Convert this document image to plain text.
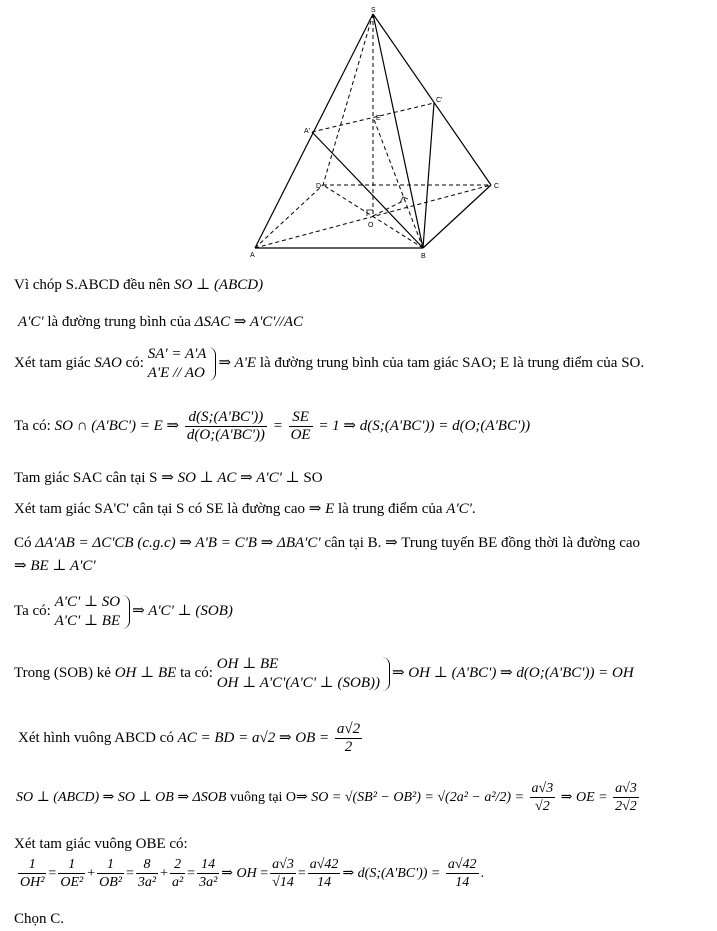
S
A	B
C
D
O
A'
C'
E
Vì chóp S.ABCD đều nên SO ⊥ (ABCD)
A'C' là đường trung bình của ΔSAC ⇒ A'C'//AC
Xét tam giác SAO có:
SA' = A'A
A'E // AO
⇒ A'E là đường trung bình của tam giác SAO; E là trung điểm của SO.
Ta có: SO ∩ (A'BC') = E ⇒ $\frac{d(S;(A'BC'))}{d(O;(A'BC'))} = \frac{SE}{OE} = 1$ ⇒ d(S;(A'BC')) = d(O;(A'BC'))
Tam giác SAC cân tại S ⇒ SO ⊥ AC ⇒ A'C' ⊥ SO
Xét tam giác SA'C' cân tại S có SE là đường cao ⇒ E là trung điểm của A'C'.
Có ΔA'AB = ΔC'CB (c.g.c) ⇒ A'B = C'B ⇒ ΔBA'C' cân tại B. ⇒ Trung tuyến BE đồng thời là đường cao
⇒ BE ⊥ A'C'
Ta có:
A'C' ⊥ SO
A'C' ⊥ BE
⇒ A'C' ⊥ (SOB)
Trong (SOB) kẻ OH ⊥ BE ta có:
OH ⊥ BE
OH ⊥ A'C'(A'C' ⊥ (SOB))
⇒ OH ⊥ (A'BC') ⇒ d(O;(A'BC')) = OH
Xét hình vuông ABCD có AC = BD = a√2 ⇒ OB = $\frac{a√2}{2}$
SO ⊥ (ABCD) ⇒ SO ⊥ OB ⇒ ΔSOB vuông tại O⇒ SO = $√(SB^2 - OB^2) = √(2a^2 - a^2/2) = \frac{a√3}{√2}$ ⇒ OE = $\frac{a√3}{2√2}$
Xét tam giác vuông OBE có:
$\frac{1}{\text{OH²}} = \frac{1}{\text{OE²}} + \frac{1}{\text{OB²}} = \frac{8}{\text{3a²}} + \frac{2}{\text{a²}} = \frac{14}{\text{3a²}}$ ⇒ OH = $\frac{a√3}{√14} = \frac{a√42}{14}$ ⇒ d(S;(A'BC')) = $\frac{a√42}{14}$ .
Chọn C.
